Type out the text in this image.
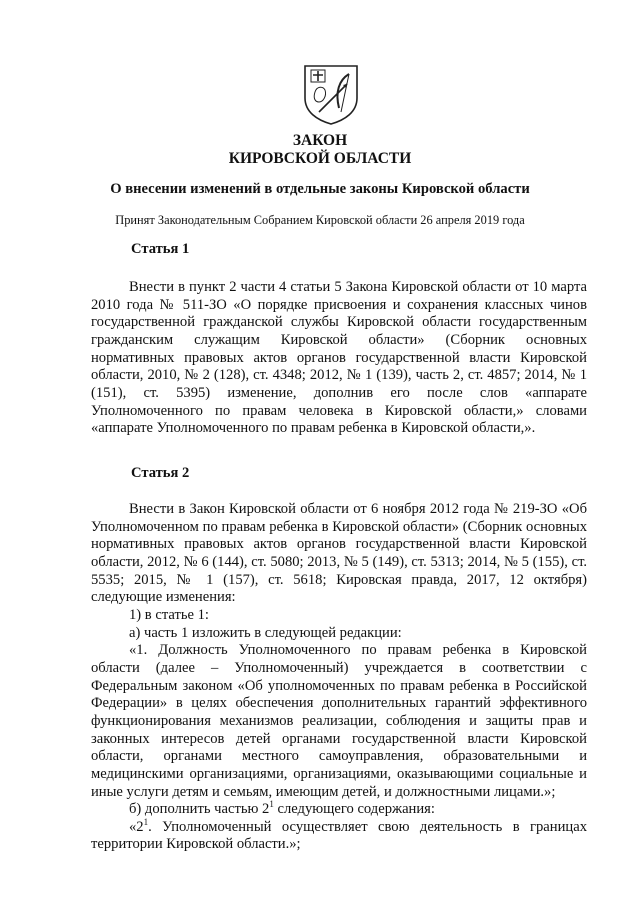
ЗАКОН
КИРОВСКОЙ ОБЛАСТИ
О внесении изменений в отдельные законы Кировской области
Принят Законодательным Собранием Кировской области 26 апреля 2019 года
Статья 1

Внести в пункт 2 части 4 статьи 5 Закона Кировской области от 10 марта 2010 года № 511-ЗО «О порядке присвоения и сохранения классных чинов государственной гражданской службы Кировской области государственным гражданским служащим Кировской области» (Сборник основных нормативных правовых актов органов государственной власти Кировской области, 2010, № 2 (128), ст. 4348; 2012, № 1 (139), часть 2, ст. 4857; 2014, № 1 (151), ст. 5395) изменение, дополнив его после слов «аппарате Уполномоченного по правам человека в Кировской области,» словами «аппарате Уполномоченного по правам ребенка в Кировской области,».

Статья 2

Внести в Закон Кировской области от 6 ноября 2012 года № 219-ЗО «Об Уполномоченном по правам ребенка в Кировской области» (Сборник основных нормативных правовых актов органов государственной власти Кировской области, 2012, № 6 (144), ст. 5080; 2013, № 5 (149), ст. 5313; 2014, № 5 (155), ст. 5535; 2015, № 1 (157), ст. 5618; Кировская правда, 2017, 12 октября) следующие изменения:

1) в статье 1:

а) часть 1 изложить в следующей редакции:

«1. Должность Уполномоченного по правам ребенка в Кировской области (далее – Уполномоченный) учреждается в соответствии с Федеральным законом «Об уполномоченных по правам ребенка в Российской Федерации» в целях обеспечения дополнительных гарантий эффективного функционирования механизмов реализации, соблюдения и защиты прав и законных интересов детей органами государственной власти Кировской области, органами местного самоуправления, образовательными и медицинскими организациями, организациями, оказывающими социальные и иные услуги детям и семьям, имеющим детей, и должностными лицами.»;

б) дополнить частью $2^1$ следующего содержания:

«$2^1$. Уполномоченный осуществляет свою деятельность в границах территории Кировской области.»;
